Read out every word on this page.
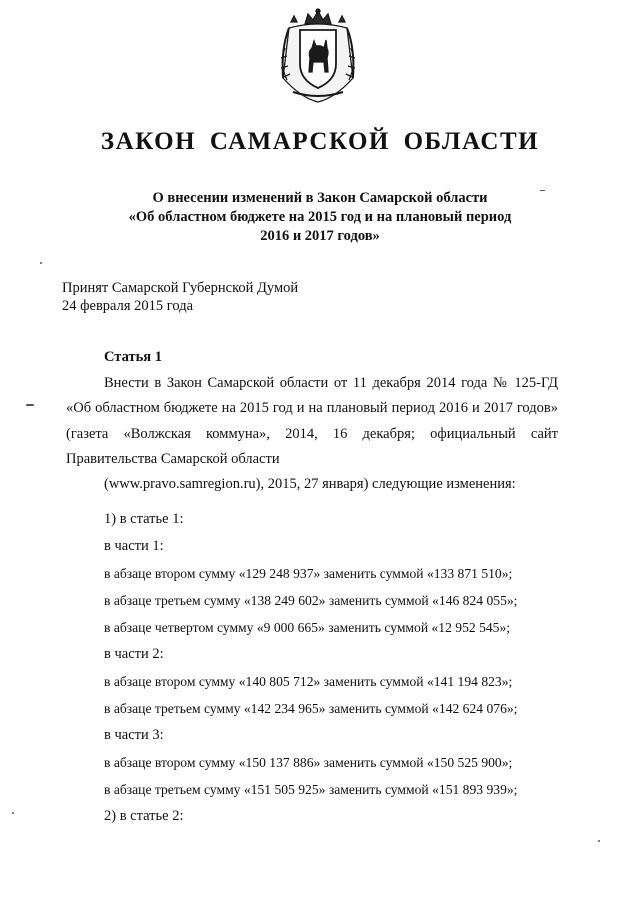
ЗАКОН САМАРСКОЙ ОБЛАСТИ
О внесении изменений в Закон Самарской области
«Об областном бюджете на 2015 год и на плановый период
2016 и 2017 годов»
Принят Самарской Губернской Думой
24 февраля 2015 года
Статья 1
Внести в Закон Самарской области от 11 декабря 2014 года № 125-ГД «Об областном бюджете на 2015 год и на плановый период 2016 и 2017 годов» (газета «Волжская коммуна», 2014, 16 декабря; официальный сайт Правительства Самарской области
(www.pravo.samregion.ru), 2015, 27 января) следующие изменения:
1) в статье 1:
в части 1:
в абзаце втором сумму «129 248 937» заменить суммой «133 871 510»;
в абзаце третьем сумму «138 249 602» заменить суммой «146 824 055»;
в абзаце четвертом сумму «9 000 665» заменить суммой «12 952 545»;
в части 2:
в абзаце втором сумму «140 805 712» заменить суммой «141 194 823»;
в абзаце третьем сумму «142 234 965» заменить суммой «142 624 076»;
в части 3:
в абзаце втором сумму «150 137 886» заменить суммой «150 525 900»;
в абзаце третьем сумму «151 505 925» заменить суммой «151 893 939»;
2) в статье 2:
